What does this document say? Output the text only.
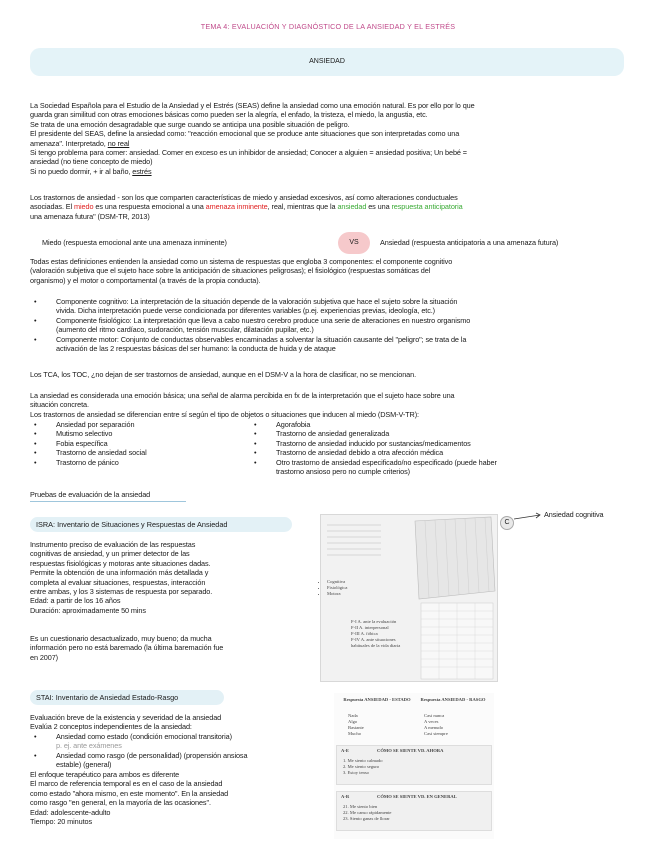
TEMA 4: EVALUACIÓN Y DIAGNÓSTICO DE LA ANSIEDAD Y EL ESTRÉS
ANSIEDAD
La Sociedad Española para el Estudio de la Ansiedad y el Estrés (SEAS) define la ansiedad como una emoción natural. Es por ello por lo que
guarda gran similitud con otras emociones básicas como pueden ser la alegría, el enfado, la tristeza, el miedo, la angustia, etc.
Se trata de una emoción desagradable que surge cuando se anticipa una posible situación de peligro.
El presidente del SEAS, define la ansiedad como: "reacción emocional que se produce ante situaciones que son interpretadas como una
amenaza". Interpretado, no real
Si tengo problema para comer: ansiedad. Comer en exceso es un inhibidor de ansiedad; Conocer a alguien = ansiedad positiva; Un bebé =
ansiedad (no tiene concepto de miedo)
Si no puedo dormir, + ir al baño, estrés
Los trastornos de ansiedad - son los que comparten características de miedo y ansiedad excesivos, así como alteraciones conductuales
asociadas. El miedo es una respuesta emocional a una amenaza inminente, real, mientras que la ansiedad es una respuesta anticipatoria
una amenaza futura" (DSM-TR, 2013)
Miedo (respuesta emocional ante una amenaza inminente)	VS	Ansiedad (respuesta anticipatoria a una amenaza futura)
Todas estas definiciones entienden la ansiedad como un sistema de respuestas que engloba 3 componentes: el componente cognitivo
(valoración subjetiva que el sujeto hace sobre la anticipación de situaciones peligrosas); el fisiológico (respuestas somáticas del
organismo) y el motor o comportamental (a través de la propia conducta).
• Componente cognitivo: La interpretación de la situación depende de la valoración subjetiva que hace el sujeto sobre la situación
vivida. Dicha interpretación puede verse condicionada por diferentes variables (p.ej. experiencias previas, ideología, etc.)
• Componente fisiológico: La interpretación que lleva a cabo nuestro cerebro produce una serie de alteraciones en nuestro organismo
(aumento del ritmo cardíaco, sudoración, tensión muscular, dilatación pupilar, etc.)
• Componente motor: Conjunto de conductas observables encaminadas a solventar la situación causante del "peligro"; se trata de la
activación de las 2 respuestas básicas del ser humano: la conducta de huida y de ataque
Los TCA, los TOC, ¿no dejan de ser trastornos de ansiedad, aunque en el DSM-V a la hora de clasificar, no se mencionan.
La ansiedad es considerada una emoción básica; una señal de alarma percibida en fx de la interpretación que el sujeto hace sobre una
situación concreta.
Los trastornos de ansiedad se diferencian entre sí según el tipo de objetos o situaciones que inducen al miedo (DSM-V-TR):
• Ansiedad por separación
• Mutismo selectivo
• Fobia específica
• Trastorno de ansiedad social
• Trastorno de pánico
• Agorafobia
• Trastorno de ansiedad generalizada
• Trastorno de ansiedad inducido por sustancias/medicamentos
• Trastorno de ansiedad debido a otra afección médica
• Otro trastorno de ansiedad especificado/no especificado (puede haber
trastorno ansioso pero no cumple criterios)
Pruebas de evaluación de la ansiedad
ISRA: Inventario de Situaciones y Respuestas de Ansiedad
Instrumento preciso de evaluación de las respuestas
cognitivas de ansiedad, y un primer detector de las
respuestas fisiológicas y motoras ante situaciones dadas.
Permite la obtención de una información más detallada y
completa al evaluar situaciones, respuestas, interacción
entre ambas, y los 3 sistemas de respuesta por separado.
Edad: a partir de los 16 años
Duración: aproximadamente 50 mins
Es un cuestionario desactualizado, muy bueno; da mucha
información pero no está baremado (la última baremación fue
en 2007)
• Cognitiva
• Fisiológica
• Motora
F-I A. ante la evaluación
F-II A. interpersonal
F-III A. fóbica
F-IV A. ante situaciones
habituales de la vida diaria
C
Ansiedad cognitiva
STAI: Inventario de Ansiedad Estado-Rasgo
Evaluación breve de la existencia y severidad de la ansiedad
Evalúa 2 conceptos independientes de la ansiedad:
• Ansiedad como estado (condición emocional transitoria)
p. ej. ante exámenes
• Ansiedad como rasgo (de personalidad) (propensión ansiosa
estable) (general)
El enfoque terapéutico para ambos es diferente
El marco de referencia temporal es en el caso de la ansiedad
como estado "ahora mismo, en este momento". En la ansiedad
como rasgo "en general, en la mayoría de las ocasiones".
Edad: adolescente-adulto
Tiempo: 20 minutos
Respuesta ANSIEDAD - ESTADO	Respuesta ANSIEDAD - RASGO
Nada
Algo
Bastante
Mucho
Casi nunca
A veces
A menudo
Casi siempre
A-E	CÓMO SE SIENTE VD. AHORA
1. Me siento calmado
2. Me siento seguro
3. Estoy tenso
A-R	CÓMO SE SIENTE VD. EN GENERAL
21. Me siento bien
22. Me canso rápidamente
23. Siento ganas de llorar
